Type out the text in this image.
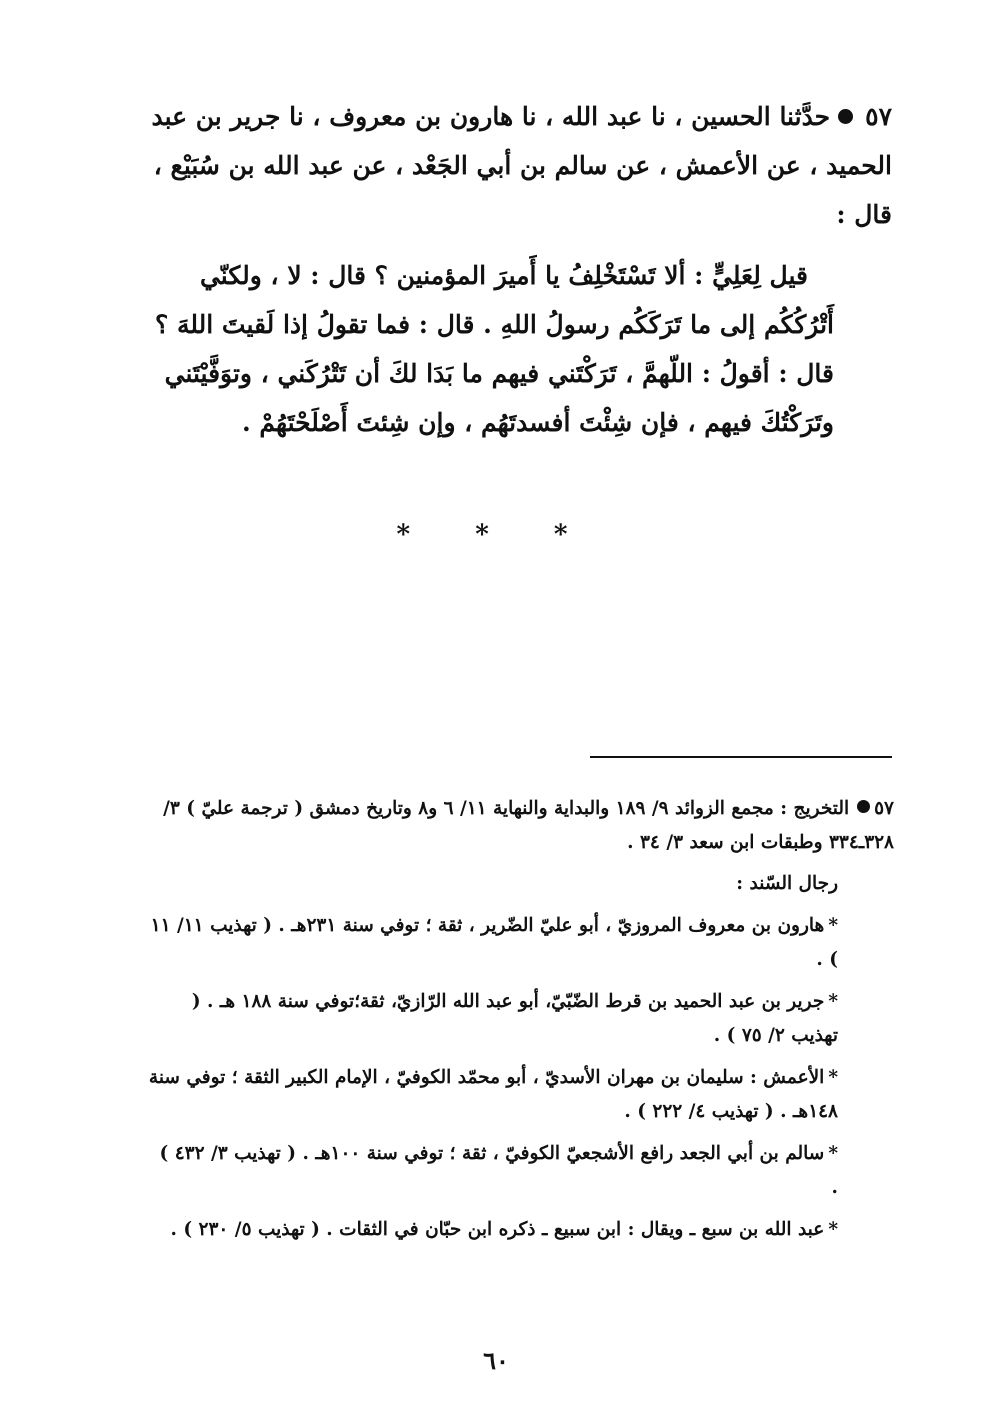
٥٧حدَّثنا الحسين ، نا عبد الله ، نا هارون بن معروف ، نا جرير بن عبد الحميد ، عن الأعمش ، عن سالم بن أبي الجَعْد ، عن عبد الله بن سُبَيْع ، قال :

قيل لِعَلِيٍّ : ألا تَسْتَخْلِفُ يا أَميرَ المؤمنين ؟ قال : لا ، ولكنّي أَتْرُكُكُم إلى ما تَرَكَكُم رسولُ اللهِ . قال : فما تقولُ إذا لَقيتَ اللهَ ؟ قال : أقولُ : اللّهمَّ ، تَرَكْتَني فيهم ما بَدَا لكَ أن تَتْرُكَني ، وتوَفَّيْتَني وتَرَكْتُكَ فيهم ، فإن شِئْتَ أفسدتَهُم ، وإن شِئتَ أَصْلَحْتَهُمْ .

* * *

٥٧التخريج : مجمع الزوائد ٩/ ١٨٩ والبداية والنهاية ١١/ ٦ و٨ وتاريخ دمشق ( ترجمة عليّ ) ٣/ ٣٢٨ـ٣٣٤ وطبقات ابن سعد ٣/ ٣٤ .

رجال السّند :

*هارون بن معروف المروزيّ ، أبو عليّ الضّرير ، ثقة ؛ توفي سنة ٢٣١هـ . ( تهذيب ١١/ ١١ ) .

*جرير بن عبد الحميد بن قرط الضّبّيّ، أبو عبد الله الرّازيّ، ثقة؛توفي سنة ١٨٨ هـ . ( تهذيب ٢/ ٧٥ ) .

*الأعمش : سليمان بن مهران الأسديّ ، أبو محمّد الكوفيّ ، الإمام الكبير الثقة ؛ توفي سنة ١٤٨هـ . ( تهذيب ٤/ ٢٢٢ ) .

*سالم بن أبي الجعد رافع الأشجعيّ الكوفيّ ، ثقة ؛ توفي سنة ١٠٠هـ . ( تهذيب ٣/ ٤٣٢ ) .

*عبد الله بن سبع ـ ويقال : ابن سبيع ـ ذكره ابن حبّان في الثقات . ( تهذيب ٥/ ٢٣٠ ) .

٦٠
